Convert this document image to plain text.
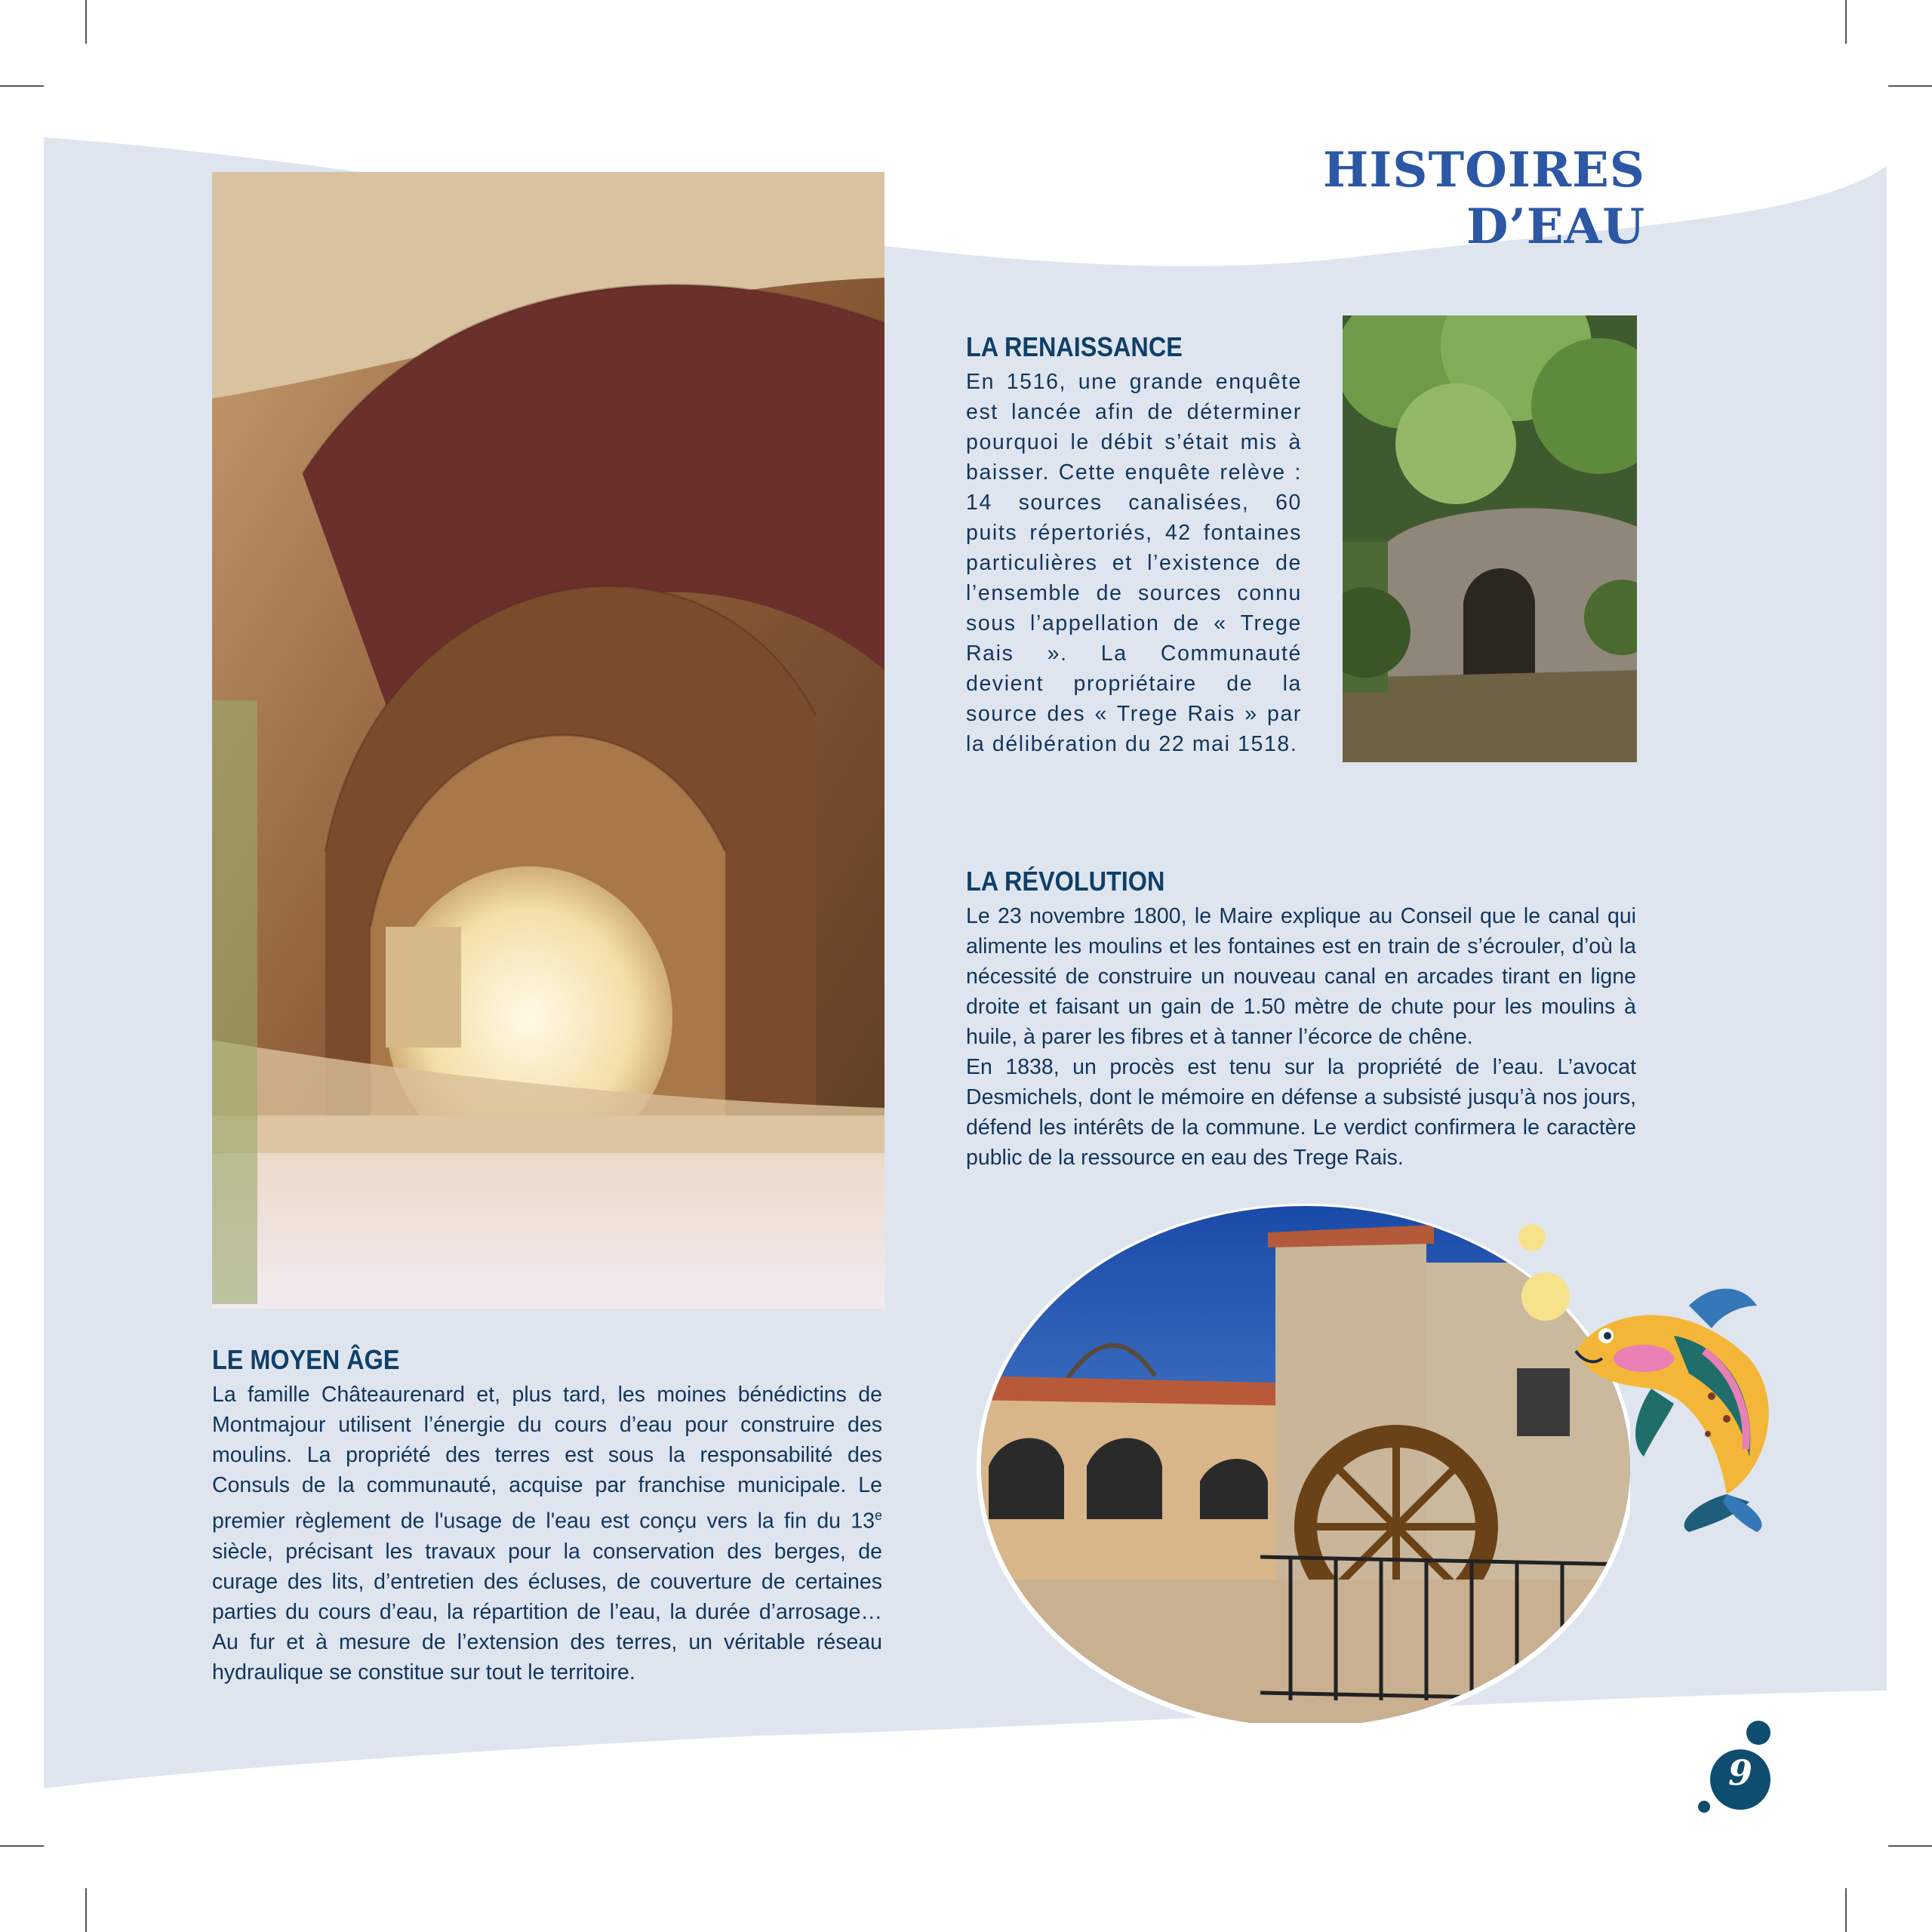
HISTOIRES D’EAU
LA RENAISSANCE

En 1516, une grande enquête est lancée afin de déterminer pourquoi le débit s’était mis à baisser. Cette enquête relève : 14 sources canalisées, 60 puits répertoriés, 42 fontaines particulières et l’existence de l’ensemble de sources connu sous l’appellation de « Trege Rais ». La Communauté devient propriétaire de la source des « Trege Rais » par la délibération du 22 mai 1518.

LA RÉVOLUTION

Le 23 novembre 1800, le Maire explique au Conseil que le canal qui alimente les moulins et les fontaines est en train de s’écrouler, d’où la nécessité de construire un nouveau canal en arcades tirant en ligne droite et faisant un gain de 1.50 mètre de chute pour les moulins à huile, à parer les fibres et à tanner l’écorce de chêne.

En 1838, un procès est tenu sur la propriété de l’eau. L’avocat Desmichels, dont le mémoire en défense a subsisté jusqu’à nos jours, défend les intérêts de la commune. Le verdict confirmera le caractère public de la ressource en eau des Trege Rais.

LE MOYEN ÂGE

La famille Châteaurenard et, plus tard, les moines bénédictins de Montmajour utilisent l’énergie du cours d’eau pour construire des moulins. La propriété des terres est sous la responsabilité des Consuls de la communauté, acquise par franchise municipale. Le premier règlement de l'usage de l'eau est conçu vers la fin du 13e siècle, précisant les travaux pour la conservation des berges, de curage des lits, d’entretien des écluses, de couverture de certaines parties du cours d’eau, la répartition de l’eau, la durée d’arrosage… Au fur et à mesure de l’extension des terres, un véritable réseau hydraulique se constitue sur tout le territoire.

9
